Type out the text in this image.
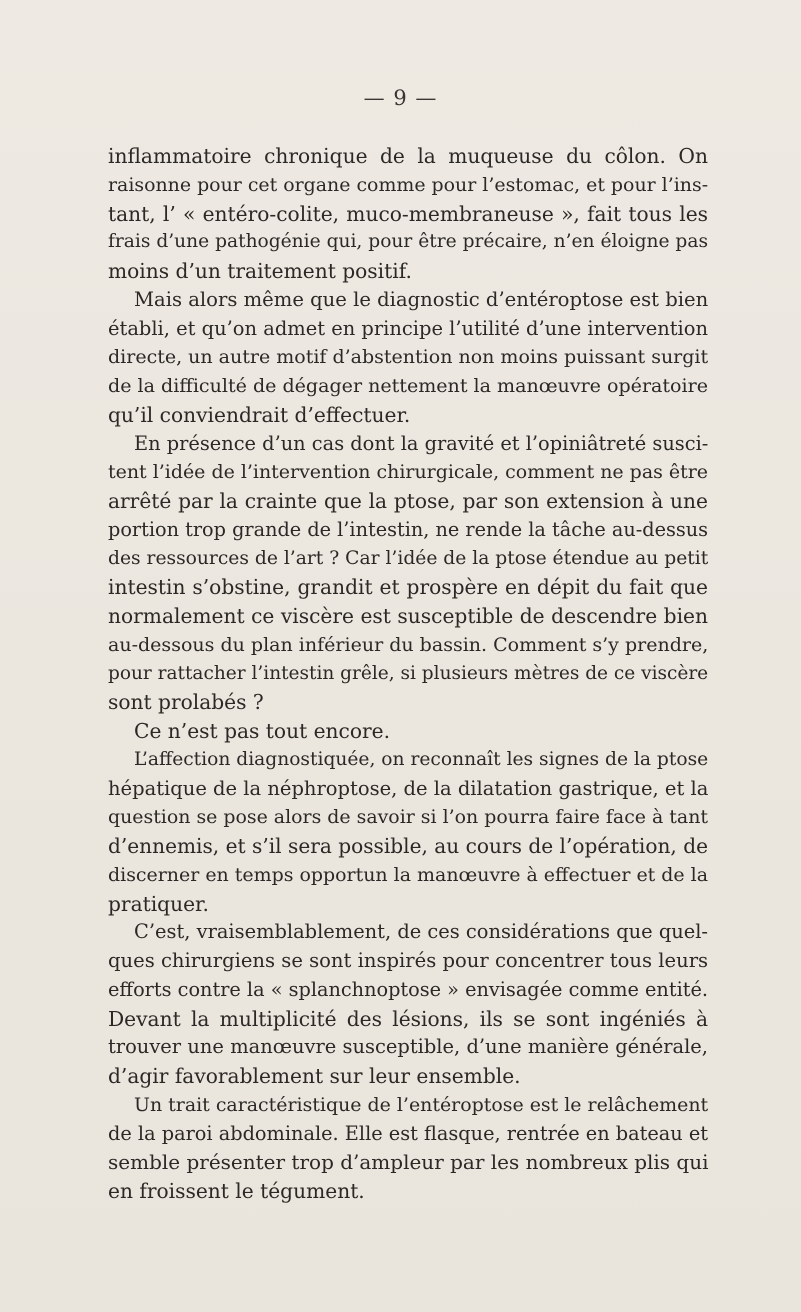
— 9 —
inflammatoire chronique de la muqueuse du côlon. On
raisonne pour cet organe comme pour l’estomac, et pour l’ins-
tant, l’ « entéro-colite, muco-membraneuse », fait tous les
frais d’une pathogénie qui, pour être précaire, n’en éloigne pas
moins d’un traitement positif.
Mais alors même que le diagnostic d’entéroptose est bien
établi, et qu’on admet en principe l’utilité d’une intervention
directe, un autre motif d’abstention non moins puissant surgit
de la difficulté de dégager nettement la manœuvre opératoire
qu’il conviendrait d’effectuer.
En présence d’un cas dont la gravité et l’opiniâtreté susci-
tent l’idée de l’intervention chirurgicale, comment ne pas être
arrêté par la crainte que la ptose, par son extension à une
portion trop grande de l’intestin, ne rende la tâche au-dessus
des ressources de l’art ? Car l’idée de la ptose étendue au petit
intestin s’obstine, grandit et prospère en dépit du fait que
normalement ce viscère est susceptible de descendre bien
au-dessous du plan inférieur du bassin. Comment s’y prendre,
pour rattacher l’intestin grêle, si plusieurs mètres de ce viscère
sont prolabés ?
Ce n’est pas tout encore.
L’affection diagnostiquée, on reconnaît les signes de la ptose
hépatique de la néphroptose, de la dilatation gastrique, et la
question se pose alors de savoir si l’on pourra faire face à tant
d’ennemis, et s’il sera possible, au cours de l’opération, de
discerner en temps opportun la manœuvre à effectuer et de la
pratiquer.
C’est, vraisemblablement, de ces considérations que quel-
ques chirurgiens se sont inspirés pour concentrer tous leurs
efforts contre la « splanchnoptose » envisagée comme entité.
Devant la multiplicité des lésions, ils se sont ingéniés à
trouver une manœuvre susceptible, d’une manière générale,
d’agir favorablement sur leur ensemble.
Un trait caractéristique de l’entéroptose est le relâchement
de la paroi abdominale. Elle est flasque, rentrée en bateau et
semble présenter trop d’ampleur par les nombreux plis qui
en froissent le tégument.
